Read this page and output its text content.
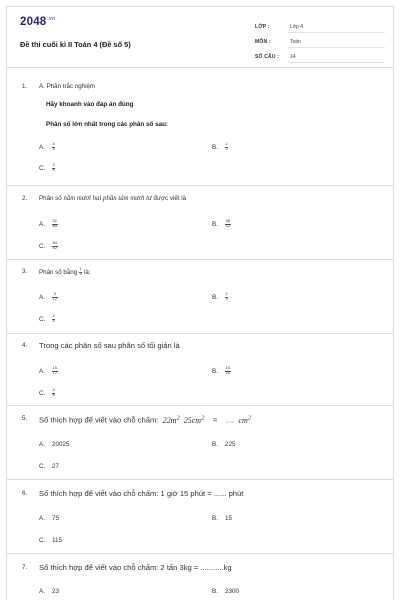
$2048^{.vn}$
Đề thi cuối kì II Toán 4 (Đề số 5)
LỚP :	Lớp 4
MÔN :	Toán
SỐ CÂU : 14
1. A. Phần trắc nghiệm
Hãy khoanh vào đáp án đúng
Phân số lớn nhất trong các phân số sau:
A. $\frac{4}{5}$	B. $\frac{2}{3}$
C. $\frac{3}{4}$
2. Phân số năm mươi hai phần tám mươi tư được viết là
A. $\frac{52}{84}$	B. $\frac{48}{52}$
C. $\frac{84}{52}$
3. Phân số bằng $\frac{1}{2}$ là:
A. $\frac{3}{12}$	B. $\frac{2}{3}$
C. $\frac{2}{4}$
4. Trong các phân số sau phân số tối giản là
A. $\frac{15}{17}$	B. $\frac{10}{20}$
C. $\frac{4}{6}$
5. Số thích hợp để viết vào chỗ chấm: $22m^2$ $25cm^2$ = .... $cm^2$
A. 20025	B. 225
C. 27
6. Số thích hợp để viết vào chỗ chấm: 1 giờ 15 phút = ...... phút
A. 75	B. 15
C. 115
7. Số thích hợp để viết vào chỗ chấm: 2 tấn 3kg = ...........kg
A. 23	B. 2300
